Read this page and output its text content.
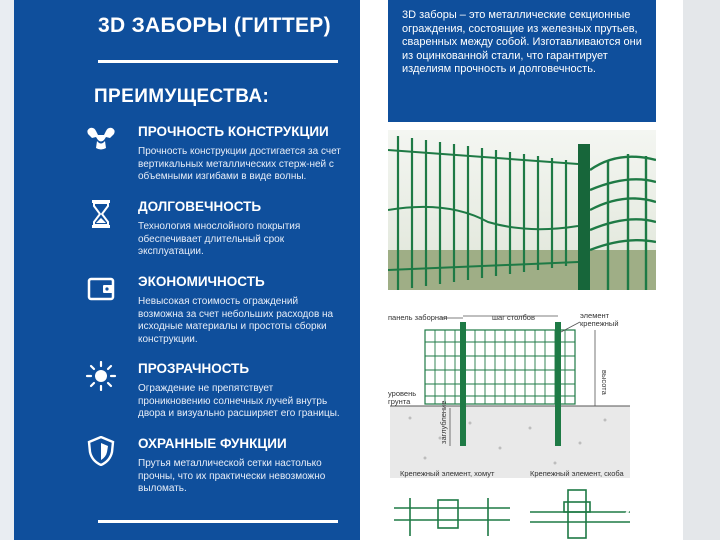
3D ЗАБОРЫ (ГИТТЕР)
ПРЕИМУЩЕСТВА:
ПРОЧНОСТЬ КОНСТРУКЦИИ
Прочность конструкции достигается за счет вертикальных металлических стерж-ней с объемными изгибами в виде волны.
ДОЛГОВЕЧНОСТЬ
Технология мнослойного покрытия обеспечивает длительный срок эксплуатации.
ЭКОНОМИЧНОСТЬ
Невысокая стоимость ограждений возможна за счет небольших расходов на исходные материалы и простоты сборки конструкции.
ПРОЗРАЧНОСТЬ
Ограждение не препятствует проникновению солнечных лучей внутрь двора и визуально расширяет его границы.
ОХРАННЫЕ ФУНКЦИИ
Прутья металлической сетки настолько прочны, что их практически невозможно выломать.
3D заборы – это металлические секционные ограждения, состоящие из железных прутьев, сваренных между собой. Изготавливаются они из оцинкованной стали, что гарантирует изделиям прочность и долговечность.
панель заборная	шаг столбов	элемент
крепежный
высота
уровень
грунта	заглубление
Крепежный элемент, хомут	Крепежный элемент, скоба
Avito
